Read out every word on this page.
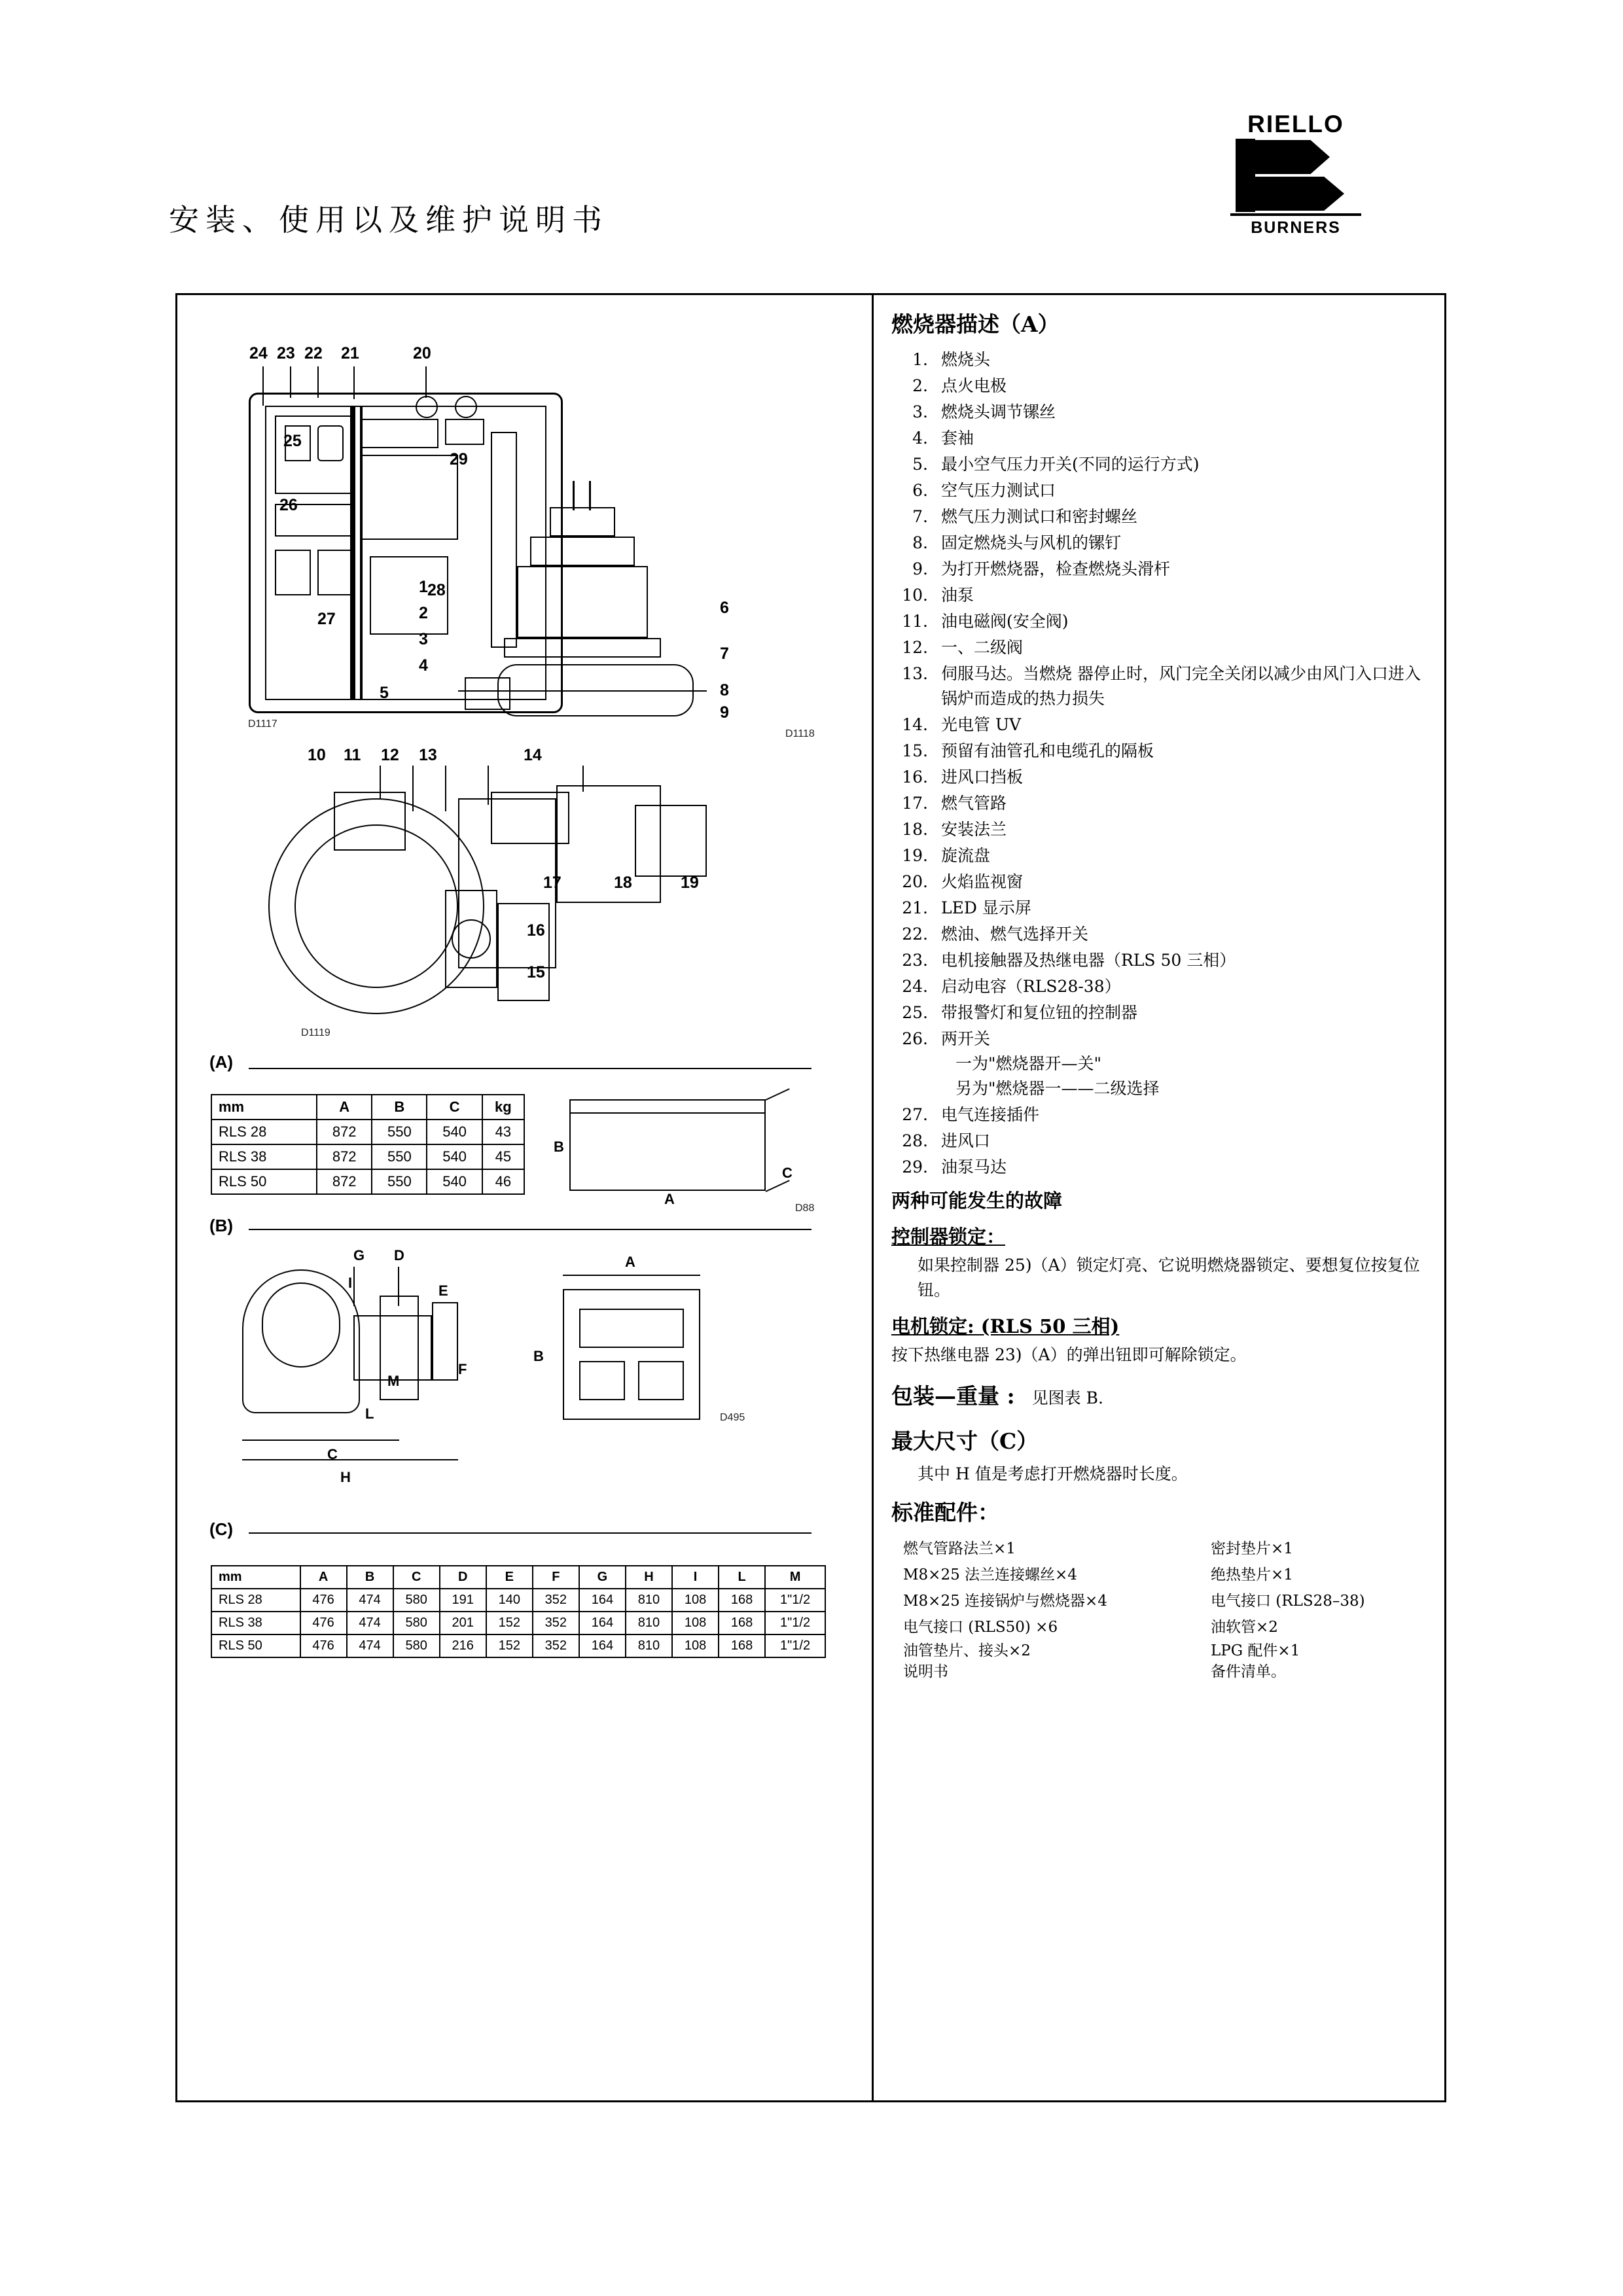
安装、使用以及维护说明书
RIELLO
BURNERS
24 23 22 21	20
25
29
26
27
28
D1117
1
2
3
4
5
6
7
8
9
D1118
10 11 12 13	14
15
16
17	18	19
D1119
(A)
mm	A	B	C	kg
RLS 28	872	550	540	43
RLS 38	872	550	540	45
RLS 50	872	550	540	46
B
A
C
D88
(B)
G D
I	E
F
M
L
C
H
A
B
D495
(C)
mm	A	B	C	D	E	F	G	H	I	L	M
RLS 28	476	474	580	191	140	352	164	810	108	168	1"1/2
RLS 38	476	474	580	201	152	352	164	810	108	168	1"1/2
RLS 50	476	474	580	216	152	352	164	810	108	168	1"1/2
燃烧器描述（A）
1. 燃烧头
2. 点火电极
3. 燃烧头调节镙丝
4. 套袖
5. 最小空气压力开关(不同的运行方式)
6. 空气压力测试口
7. 燃气压力测试口和密封螺丝
8. 固定燃烧头与风机的镙钉
9. 为打开燃烧器，检查燃烧头滑杆
10. 油泵
11. 油电磁阀(安全阀)
12. 一、二级阀
13. 伺服马达。当燃烧 器停止时，风门完全关闭以减少由风门入口进入锅炉而造成的热力损失
14. 光电管 UV
15. 预留有油管孔和电缆孔的隔板
16. 进风口挡板
17. 燃气管路
18. 安装法兰
19. 旋流盘
20. 火焰监视窗
21. LED 显示屏
22. 燃油、燃气选择开关
23. 电机接触器及热继电器（RLS 50 三相）
24. 启动电容（RLS28-38）
25. 带报警灯和复位钮的控制器
26. 两开关
一为"燃烧器开—关"
另为"燃烧器一——二级选择
27. 电气连接插件
28. 进风口
29. 油泵马达
两种可能发生的故障
控制器锁定：
如果控制器 25)（A）锁定灯亮、它说明燃烧器锁定、要想复位按复位钮。
电机锁定: (RLS 50 三相)
按下热继电器 23)（A）的弹出钮即可解除锁定。
包装—重量 : 见图表 B.
最大尺寸（C）
其中 H 值是考虑打开燃烧器时长度。
标准配件：
燃气管路法兰×1
M8×25 法兰连接螺丝×4
M8×25 连接锅炉与燃烧器×4
电气接口 (RLS50) ×6
油管垫片、接头×2
说明书
密封垫片×1
绝热垫片×1
电气接口 (RLS28–38)
油软管×2
LPG 配件×1
备件清单。
